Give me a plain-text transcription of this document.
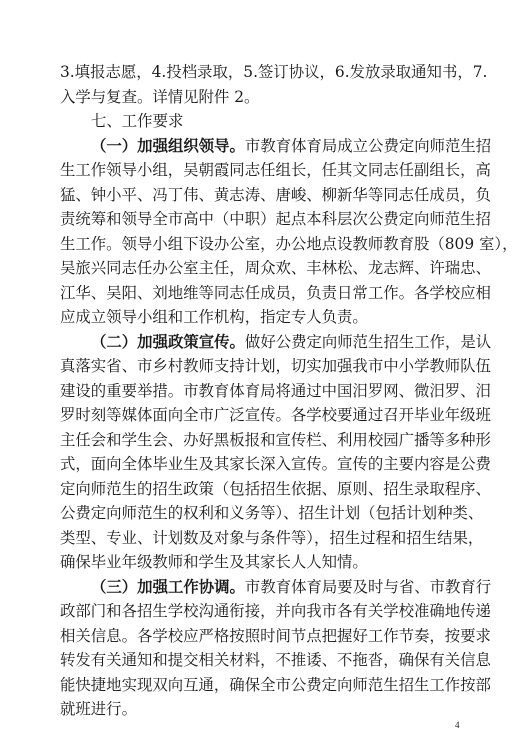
3.填报志愿，4.投档录取，5.签订协议，6.发放录取通知书，7.
入学与复查。详情见附件 2。
七、工作要求
（一）加强组织领导。市教育体育局成立公费定向师范生招
生工作领导小组，吴朝霞同志任组长，任其文同志任副组长，高
猛、钟小平、冯丁伟、黄志涛、唐峻、柳新华等同志任成员，负
责统筹和领导全市高中（中职）起点本科层次公费定向师范生招
生工作。领导小组下设办公室，办公地点设教师教育股（809 室），
吴旅兴同志任办公室主任，周众欢、丰林松、龙志辉、许瑞忠、
江华、吴阳、刘地维等同志任成员，负责日常工作。各学校应相
应成立领导小组和工作机构，指定专人负责。
（二）加强政策宣传。做好公费定向师范生招生工作，是认
真落实省、市乡村教师支持计划，切实加强我市中小学教师队伍
建设的重要举措。市教育体育局将通过中国汨罗网、微汨罗、汨
罗时刻等媒体面向全市广泛宣传。各学校要通过召开毕业年级班
主任会和学生会、办好黑板报和宣传栏、利用校园广播等多种形
式，面向全体毕业生及其家长深入宣传。宣传的主要内容是公费
定向师范生的招生政策（包括招生依据、原则、招生录取程序、
公费定向师范生的权利和义务等）、招生计划（包括计划种类、
类型、专业、计划数及对象与条件等），招生过程和招生结果，
确保毕业年级教师和学生及其家长人人知情。
（三）加强工作协调。市教育体育局要及时与省、市教育行
政部门和各招生学校沟通衔接，并向我市各有关学校准确地传递
相关信息。各学校应严格按照时间节点把握好工作节奏，按要求
转发有关通知和提交相关材料，不推诿、不拖沓，确保有关信息
能快捷地实现双向互通，确保全市公费定向师范生招生工作按部
就班进行。
4
